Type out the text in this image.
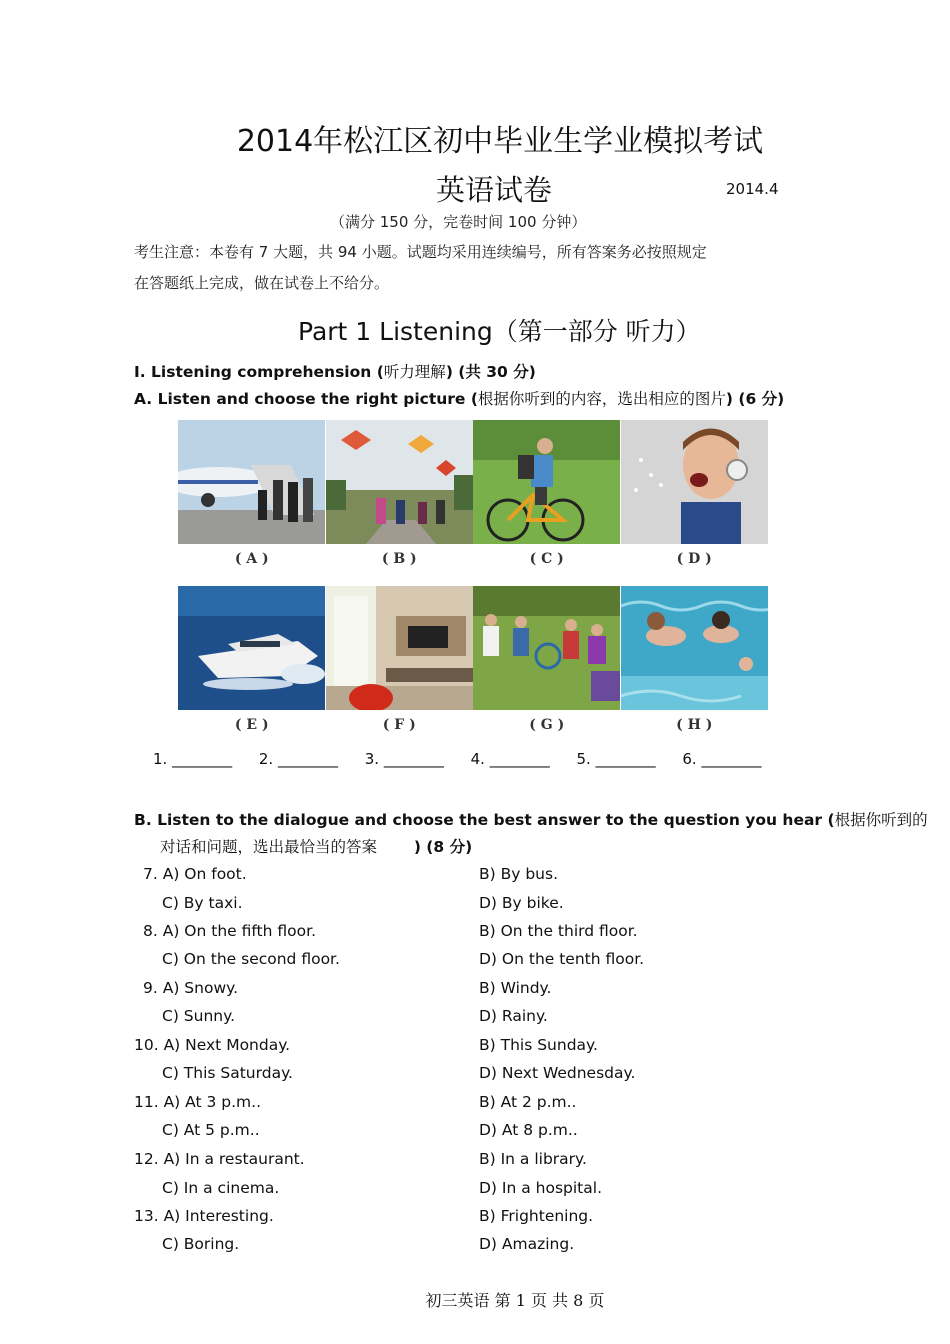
2014年松江区初中毕业生学业模拟考试
英语试卷	2014.4
（满分 150 分，完卷时间 100 分钟）
考生注意：本卷有 7 大题，共 94 小题。试题均采用连续编号，所有答案务必按照规定
在答题纸上完成，做在试卷上不给分。
Part 1 Listening（第一部分 听力）
I. Listening comprehension (听力理解) (共 30 分)
A. Listen and choose the right picture (根据你听到的内容，选出相应的图片) (6 分)
( A )	( B )	( C )	( D )
( E )	( F )	( G )	( H )
1. ________ 2. ________ 3. ________ 4. ________ 5. ________ 6. ________
B. Listen to the dialogue and choose the best answer to the question you hear (根据你听到的
对话和问题，选出最恰当的答案 ) (8 分)
7. A) On foot.	B) By bus.
C) By taxi.	D) By bike.
8. A) On the fifth floor.	B) On the third floor.
C) On the second floor.	D) On the tenth floor.
9. A) Snowy.	B) Windy.
C) Sunny.	D) Rainy.
10. A) Next Monday.	B) This Sunday.
C) This Saturday.	D) Next Wednesday.
11. A) At 3 p.m..	B) At 2 p.m..
C) At 5 p.m..	D) At 8 p.m..
12. A) In a restaurant.	B) In a library.
C) In a cinema.	D) In a hospital.
13. A) Interesting.	B) Frightening.
C) Boring.	D) Amazing.
初三英语 第 1 页 共 8 页
